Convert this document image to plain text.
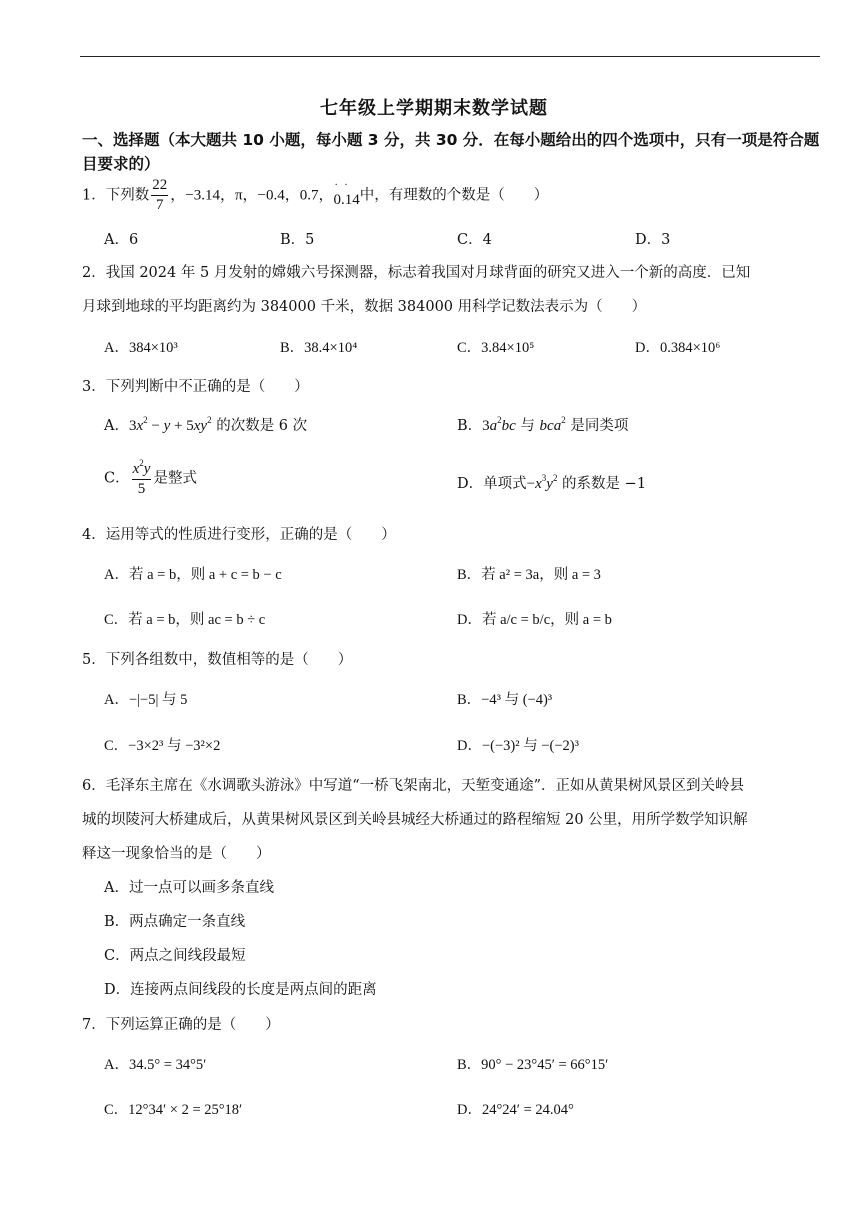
七年级上学期期末数学试题
一、选择题（本大题共 10 小题，每小题 3 分，共 30 分．在每小题给出的四个选项中，只有一项是符合题目要求的）
1．下列数 $\frac{22}{7}$ ，−3.14，π，−0.4，0.7，· · 0.14中，有理数的个数是（　　）
A．6	B．5	C．4	D．3
2．我国 2024 年 5 月发射的嫦娥六号探测器，标志着我国对月球背面的研究又进入一个新的高度．已知
月球到地球的平均距离约为 384000 千米，数据 384000 用科学记数法表示为（　　）
A．384×10³	B．38.4×10⁴	C．3.84×10⁵	D．0.384×10⁶
3．下列判断中不正确的是（　　）
A．$3x^2 - y + 5xy^2$ 的次数是 6 次	B．$3a^2bc$ 与 bca$^2$ 是同类项
C． $\frac{x^2y}{5}$ 是整式	D．单项式$-x^3y^2$ 的系数是 −1
4．运用等式的性质进行变形，正确的是（　　）
A．若 a = b，则 a + c = b − c	B．若 a² = 3a，则 a = 3
C．若 a = b，则 ac = b ÷ c	D．若 a/c = b/c，则 a = b
5．下列各组数中，数值相等的是（　　）
A．−|−5| 与 5	B．−4³ 与 (−4)³
C．−3×2³ 与 −3²×2	D．−(−3)² 与 −(−2)³
6．毛泽东主席在《水调歌头游泳》中写道“一桥飞架南北，天堑变通途”．正如从黄果树风景区到关岭县
城的坝陵河大桥建成后，从黄果树风景区到关岭县城经大桥通过的路程缩短 20 公里，用所学数学知识解
释这一现象恰当的是（　　）
A．过一点可以画多条直线
B．两点确定一条直线
C．两点之间线段最短
D．连接两点间线段的长度是两点间的距离
7．下列运算正确的是（　　）
A．34.5° = 34°5′	B．90° − 23°45′ = 66°15′
C．12°34′ × 2 = 25°18′	D．24°24′ = 24.04°
